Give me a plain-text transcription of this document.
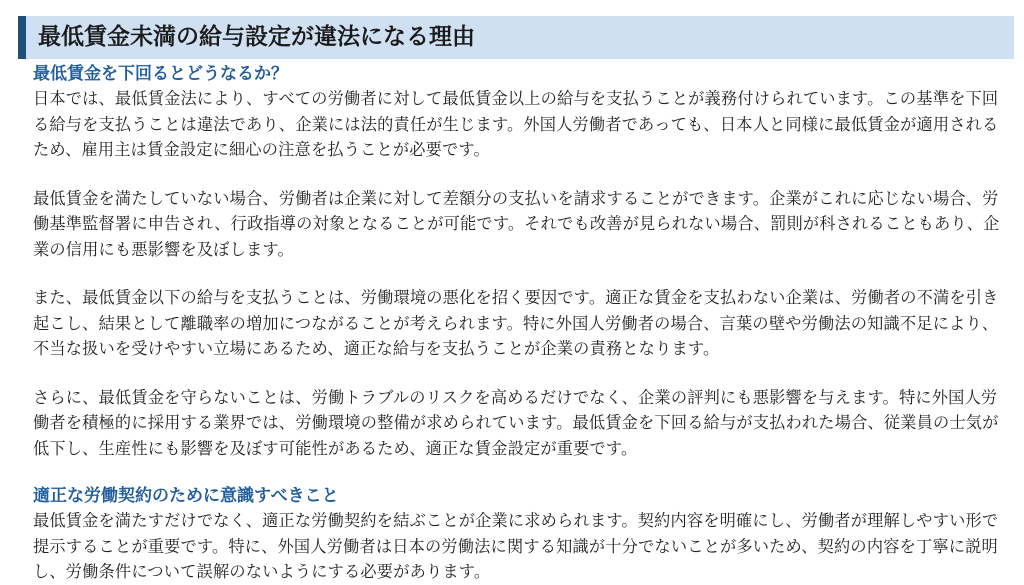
最低賃金未満の給与設定が違法になる理由

最低賃金を下回るとどうなるか？

日本では、最低賃金法により、すべての労働者に対して最低賃金以上の給与を支払うことが義務付けられています。この基準を下回る給与を支払うことは違法であり、企業には法的責任が生じます。外国人労働者であっても、日本人と同様に最低賃金が適用されるため、雇用主は賃金設定に細心の注意を払うことが必要です。

最低賃金を満たしていない場合、労働者は企業に対して差額分の支払いを請求することができます。企業がこれに応じない場合、労働基準監督署に申告され、行政指導の対象となることが可能です。それでも改善が見られない場合、罰則が科されることもあり、企業の信用にも悪影響を及ぼします。

また、最低賃金以下の給与を支払うことは、労働環境の悪化を招く要因です。適正な賃金を支払わない企業は、労働者の不満を引き起こし、結果として離職率の増加につながることが考えられます。特に外国人労働者の場合、言葉の壁や労働法の知識不足により、不当な扱いを受けやすい立場にあるため、適正な給与を支払うことが企業の責務となります。

さらに、最低賃金を守らないことは、労働トラブルのリスクを高めるだけでなく、企業の評判にも悪影響を与えます。特に外国人労働者を積極的に採用する業界では、労働環境の整備が求められています。最低賃金を下回る給与が支払われた場合、従業員の士気が低下し、生産性にも影響を及ぼす可能性があるため、適正な賃金設定が重要です。

適正な労働契約のために意識すべきこと

最低賃金を満たすだけでなく、適正な労働契約を結ぶことが企業に求められます。契約内容を明確にし、労働者が理解しやすい形で提示することが重要です。特に、外国人労働者は日本の労働法に関する知識が十分でないことが多いため、契約の内容を丁寧に説明し、労働条件について誤解のないようにする必要があります。
